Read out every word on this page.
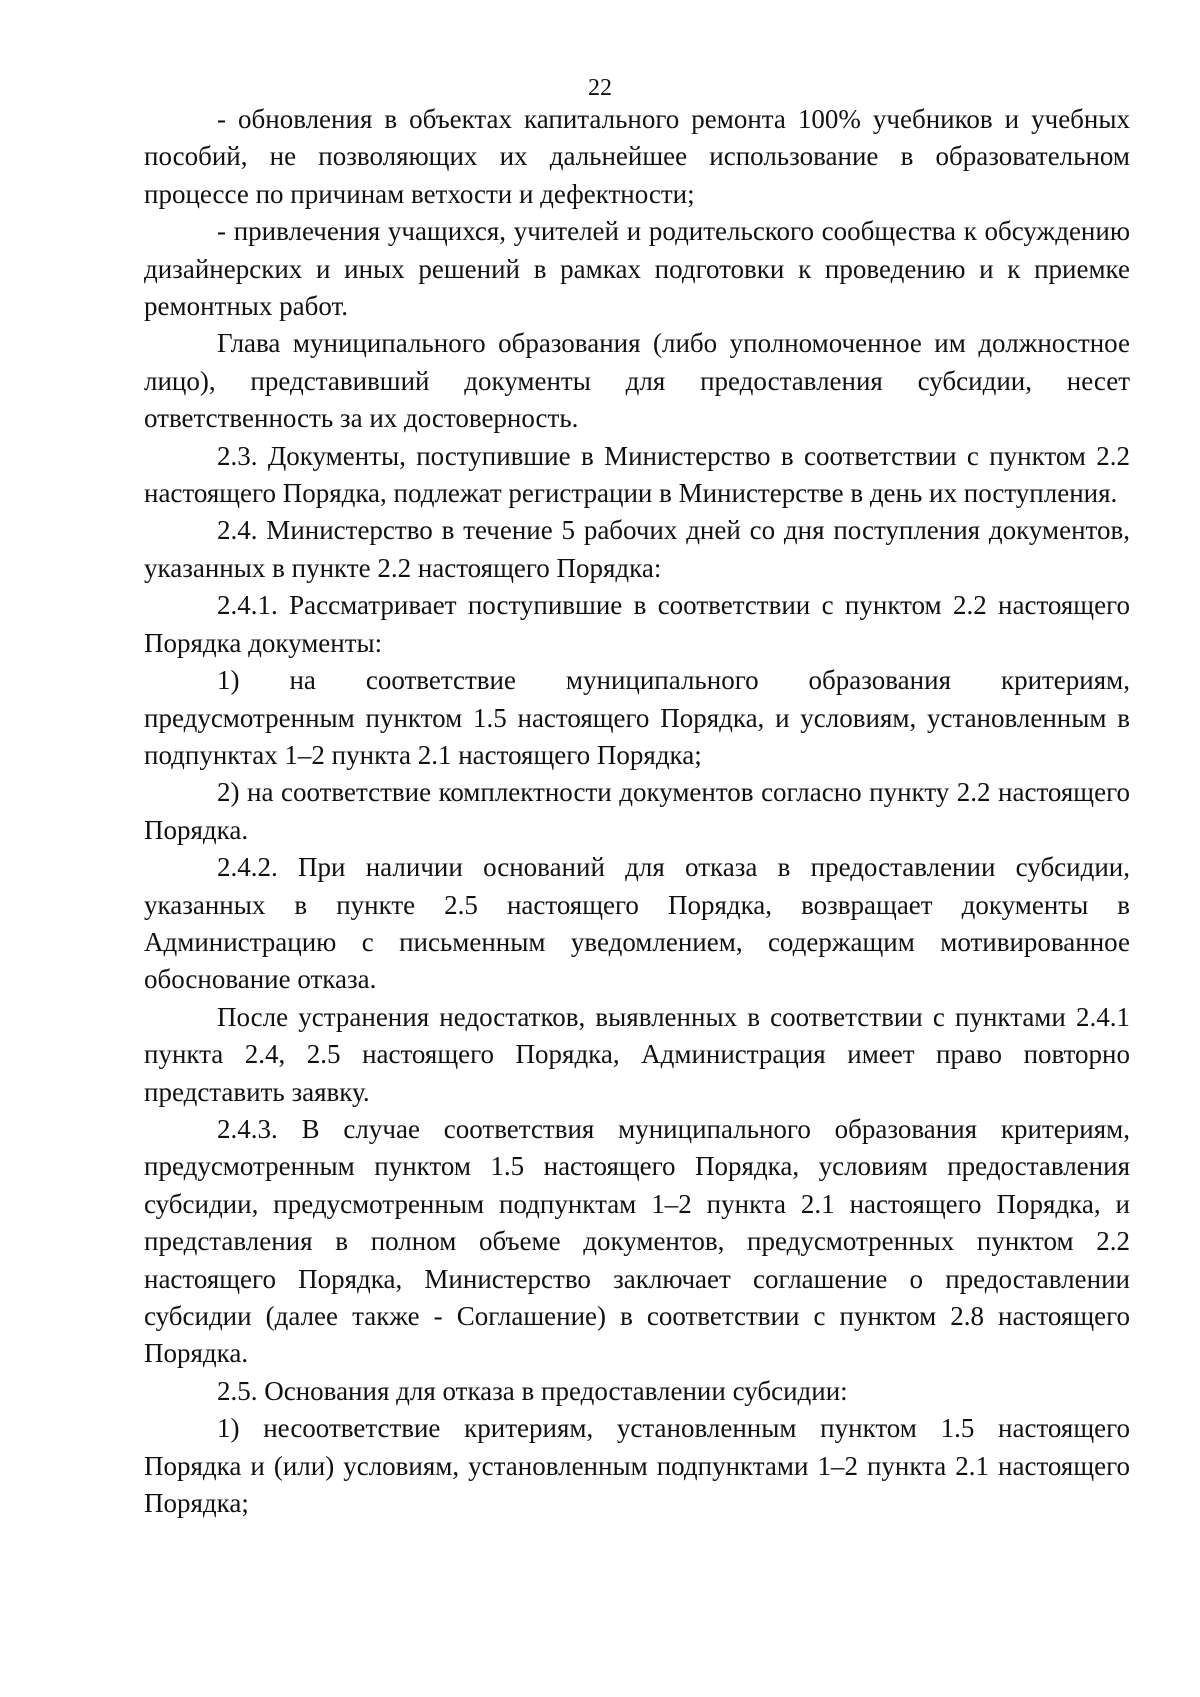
22

- обновления в объектах капитального ремонта 100% учебников и учебных пособий, не позволяющих их дальнейшее использование в образовательном процессе по причинам ветхости и дефектности;

- привлечения учащихся, учителей и родительского сообщества к обсуждению дизайнерских и иных решений в рамках подготовки к проведению и к приемке ремонтных работ.

Глава муниципального образования (либо уполномоченное им должностное лицо), представивший документы для предоставления субсидии, несет ответственность за их достоверность.

2.3. Документы, поступившие в Министерство в соответствии с пунктом 2.2 настоящего Порядка, подлежат регистрации в Министерстве в день их поступления.

2.4. Министерство в течение 5 рабочих дней со дня поступления документов, указанных в пункте 2.2 настоящего Порядка:

2.4.1. Рассматривает поступившие в соответствии с пунктом 2.2 настоящего Порядка документы:

1) на соответствие муниципального образования критериям, предусмотренным пунктом 1.5 настоящего Порядка, и условиям, установленным в подпунктах 1–2 пункта 2.1 настоящего Порядка;

2) на соответствие комплектности документов согласно пункту 2.2 настоящего Порядка.

2.4.2. При наличии оснований для отказа в предоставлении субсидии, указанных в пункте 2.5 настоящего Порядка, возвращает документы в Администрацию с письменным уведомлением, содержащим мотивированное обоснование отказа.

После устранения недостатков, выявленных в соответствии с пунктами 2.4.1 пункта 2.4, 2.5 настоящего Порядка, Администрация имеет право повторно представить заявку.

2.4.3. В случае соответствия муниципального образования критериям, предусмотренным пунктом 1.5 настоящего Порядка, условиям предоставления субсидии, предусмотренным подпунктам 1–2 пункта 2.1 настоящего Порядка, и представления в полном объеме документов, предусмотренных пунктом 2.2 настоящего Порядка, Министерство заключает соглашение о предоставлении субсидии (далее также - Соглашение) в соответствии с пунктом 2.8 настоящего Порядка.

2.5. Основания для отказа в предоставлении субсидии:

1) несоответствие критериям, установленным пунктом 1.5 настоящего Порядка и (или) условиям, установленным подпунктами 1–2 пункта 2.1 настоящего Порядка;
